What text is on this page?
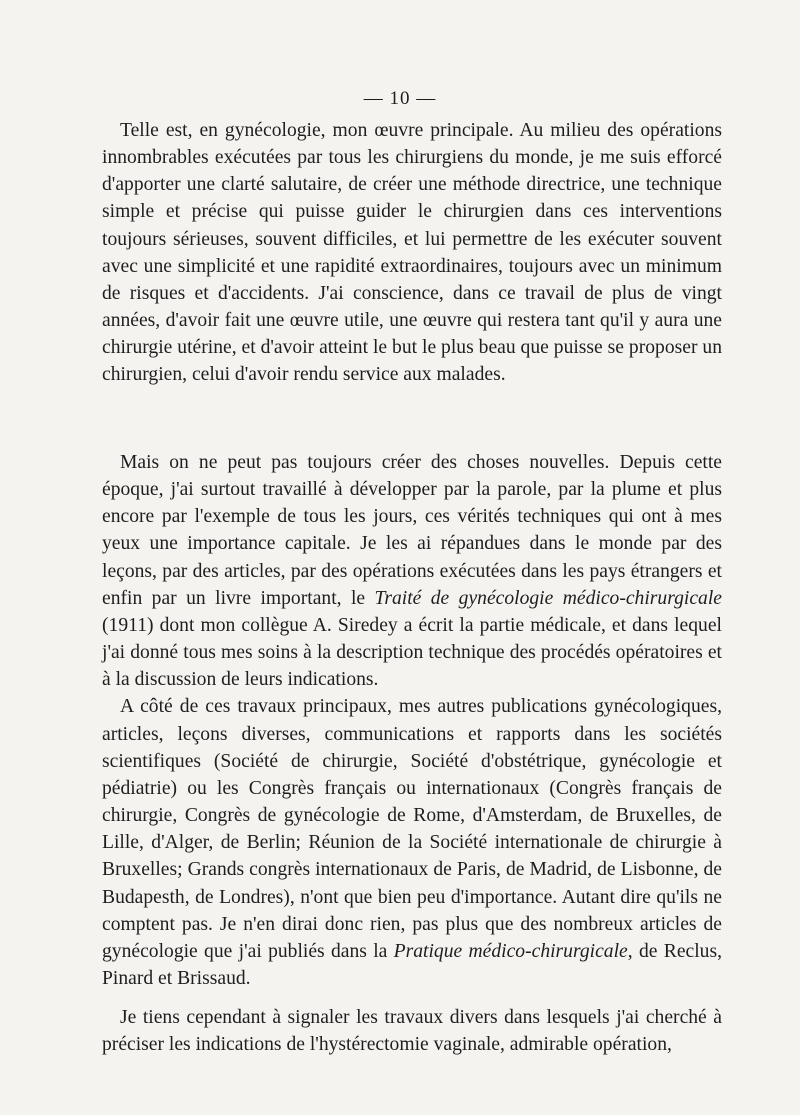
— 10 —

Telle est, en gynécologie, mon œuvre principale. Au milieu des opérations innombrables exécutées par tous les chirurgiens du monde, je me suis efforcé d'apporter une clarté salutaire, de créer une méthode directrice, une technique simple et précise qui puisse guider le chirurgien dans ces interventions toujours sérieuses, souvent difficiles, et lui permettre de les exécuter souvent avec une simplicité et une rapidité extraordinaires, toujours avec un minimum de risques et d'accidents. J'ai conscience, dans ce travail de plus de vingt années, d'avoir fait une œuvre utile, une œuvre qui restera tant qu'il y aura une chirurgie utérine, et d'avoir atteint le but le plus beau que puisse se proposer un chirurgien, celui d'avoir rendu service aux malades.

Mais on ne peut pas toujours créer des choses nouvelles. Depuis cette époque, j'ai surtout travaillé à développer par la parole, par la plume et plus encore par l'exemple de tous les jours, ces vérités techniques qui ont à mes yeux une importance capitale. Je les ai répandues dans le monde par des leçons, par des articles, par des opérations exécutées dans les pays étrangers et enfin par un livre important, le Traité de gynécologie médico-chirurgicale (1911) dont mon collègue A. Siredey a écrit la partie médicale, et dans lequel j'ai donné tous mes soins à la description technique des procédés opératoires et à la discussion de leurs indications.

A côté de ces travaux principaux, mes autres publications gynécologiques, articles, leçons diverses, communications et rapports dans les sociétés scientifiques (Société de chirurgie, Société d'obstétrique, gynécologie et pédiatrie) ou les Congrès français ou internationaux (Congrès français de chirurgie, Congrès de gynécologie de Rome, d'Amsterdam, de Bruxelles, de Lille, d'Alger, de Berlin; Réunion de la Société internationale de chirurgie à Bruxelles; Grands congrès internationaux de Paris, de Madrid, de Lisbonne, de Budapesth, de Londres), n'ont que bien peu d'importance. Autant dire qu'ils ne comptent pas. Je n'en dirai donc rien, pas plus que des nombreux articles de gynécologie que j'ai publiés dans la Pratique médico-chirurgicale, de Reclus, Pinard et Brissaud.

Je tiens cependant à signaler les travaux divers dans lesquels j'ai cherché à préciser les indications de l'hystérectomie vaginale, admirable opération,
